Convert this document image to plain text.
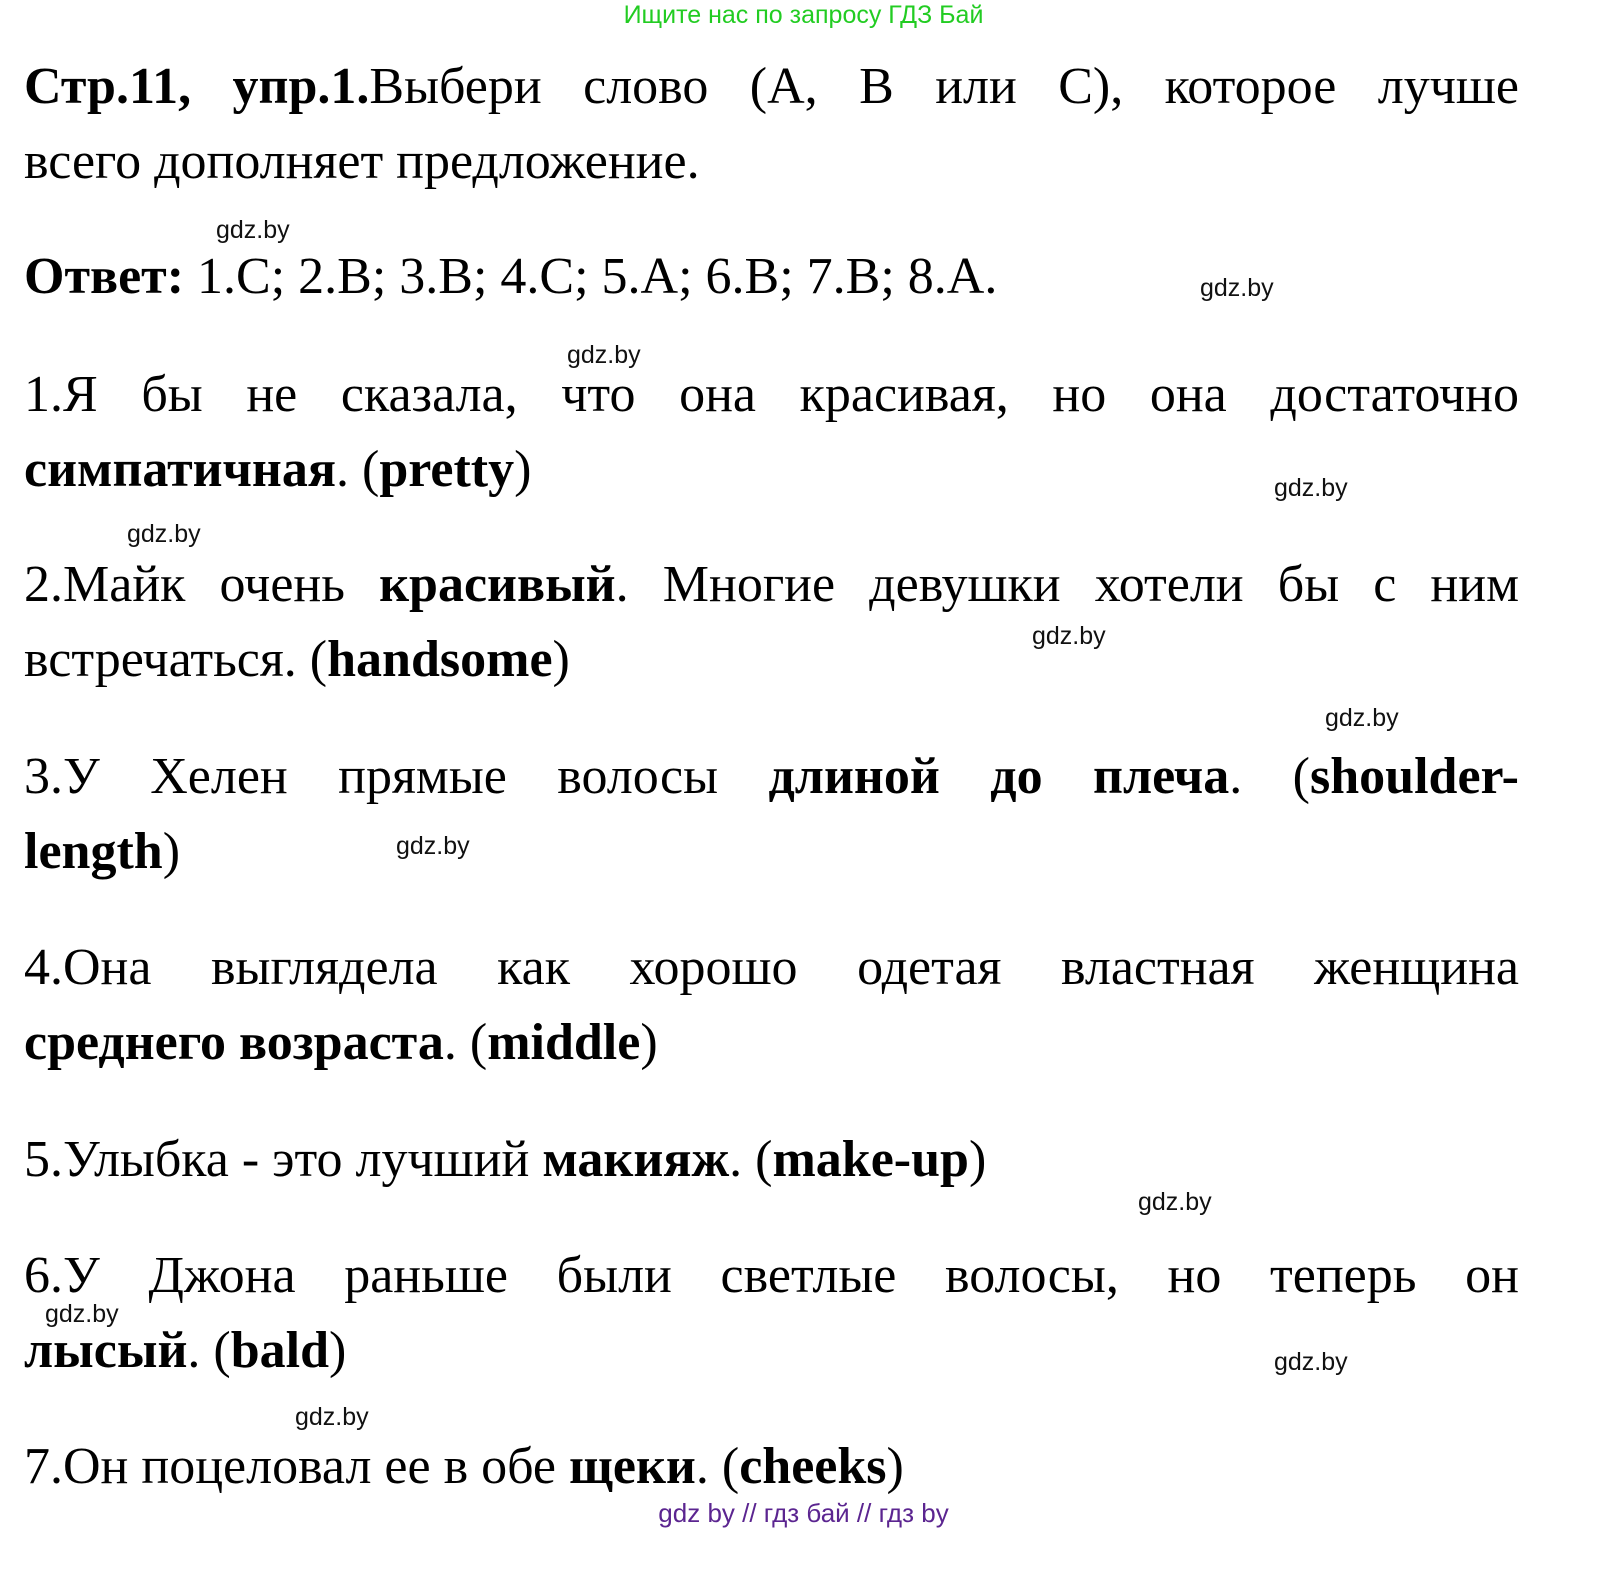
Ищите нас по запросу ГДЗ Бай
Стр.11, упр.1.Выбери слово (А, В или С), которое лучше
всего дополняет предложение.
Ответ: 1.C; 2.B; 3.B; 4.C; 5.A; 6.B; 7.B; 8.A.
1.Я бы не сказала, что она красивая, но она достаточно
симпатичная. (pretty)
2.Майк очень красивый. Многие девушки хотели бы с ним
встречаться. (handsome)
3.У Хелен прямые волосы длиной до плеча. (shoulder-
length)
4.Она выглядела как хорошо одетая властная женщина
среднего возраста. (middle)
5.Улыбка - это лучший макияж. (make-up)
6.У Джона раньше были светлые волосы, но теперь он
лысый. (bald)
7.Он поцеловал ее в обе щеки. (cheeks)
gdz.by
gdz.by
gdz.by
gdz.by
gdz.by
gdz.by
gdz.by
gdz.by
gdz.by
gdz.by
gdz.by
gdz.by
gdz by // гдз бай // гдз by
